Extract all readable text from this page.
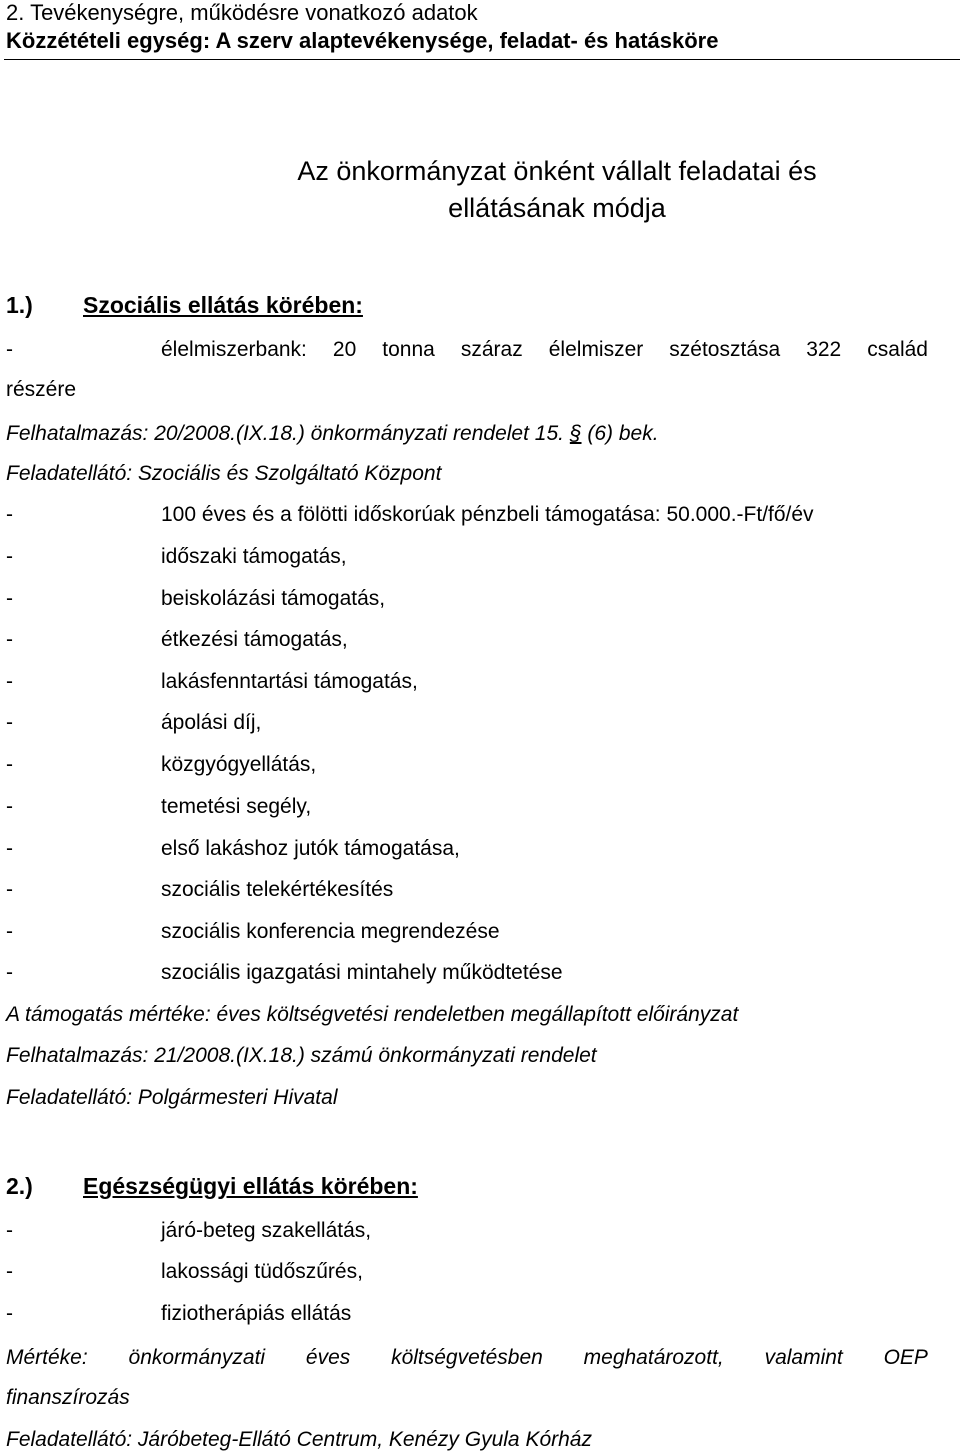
2. Tevékenységre, működésre vonatkozó adatok
Közzétételi egység: A szerv alaptevékenysége, feladat- és hatásköre
Az önkormányzat önként vállalt feladatai és
ellátásának módja
1.) Szociális ellátás körében:
-	élelmiszerbank: 20 tonna száraz élelmiszer szétosztása 322 család
részére
Felhatalmazás: 20/2008.(IX.18.) önkormányzati rendelet 15. § (6) bek.
Feladatellátó: Szociális és Szolgáltató Központ
-	100 éves és a fölötti időskorúak pénzbeli támogatása: 50.000.-Ft/fő/év
-	időszaki támogatás,
-	beiskolázási támogatás,
-	étkezési támogatás,
-	lakásfenntartási támogatás,
-	ápolási díj,
-	közgyógyellátás,
-	temetési segély,
-	első lakáshoz jutók támogatása,
-	szociális telekértékesítés
-	szociális konferencia megrendezése
-	szociális igazgatási mintahely működtetése
A támogatás mértéke: éves költségvetési rendeletben megállapított előirányzat
Felhatalmazás: 21/2008.(IX.18.) számú önkormányzati rendelet
Feladatellátó: Polgármesteri Hivatal
2.) Egészségügyi ellátás körében:
-	járó-beteg szakellátás,
-	lakossági tüdőszűrés,
-	fiziotherápiás ellátás
Mértéke: önkormányzati éves költségvetésben meghatározott, valamint OEP
finanszírozás
Feladatellátó: Járóbeteg-Ellátó Centrum, Kenézy Gyula Kórház
